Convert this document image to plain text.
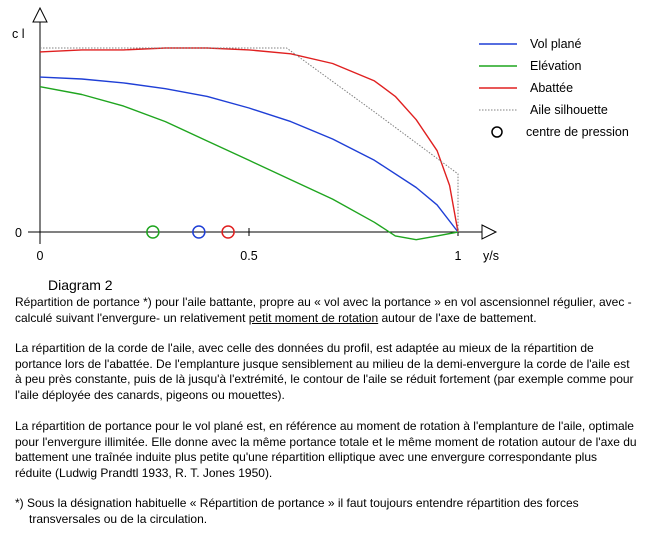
0	0.5	1
0
c l
y/s
Vol plané
Elévation
Abattée
Aile silhouette
centre de pression
Diagram 2

Répartition de portance *) pour l'aile battante, propre au « vol avec la portance » en vol ascensionnel régulier, avec - calculé suivant l'envergure- un relativement petit moment de rotation autour de l'axe de battement.

La répartition de la corde de l'aile, avec celle des données du profil, est adaptée au mieux de la répartition de portance lors de l'abattée. De l'emplanture jusque sensiblement au milieu de la demi-envergure la corde de l'aile est à peu près constante, puis de là jusqu'à l'extrémité, le contour de l'aile se réduit fortement (par exemple comme pour l'aile déployée des canards, pigeons ou mouettes).

La répartition de portance pour le vol plané est, en référence au moment de rotation à l'emplanture de l'aile, optimale pour l'envergure illimitée. Elle donne avec la même portance totale et le même moment de rotation autour de l'axe du battement une traînée induite plus petite qu'une répartition elliptique avec une envergure correspondante plus réduite (Ludwig Prandtl 1933, R. T. Jones 1950).

*) Sous la désignation habituelle « Répartition de portance » il faut toujours entendre répartition des forces
transversales ou de la circulation.
